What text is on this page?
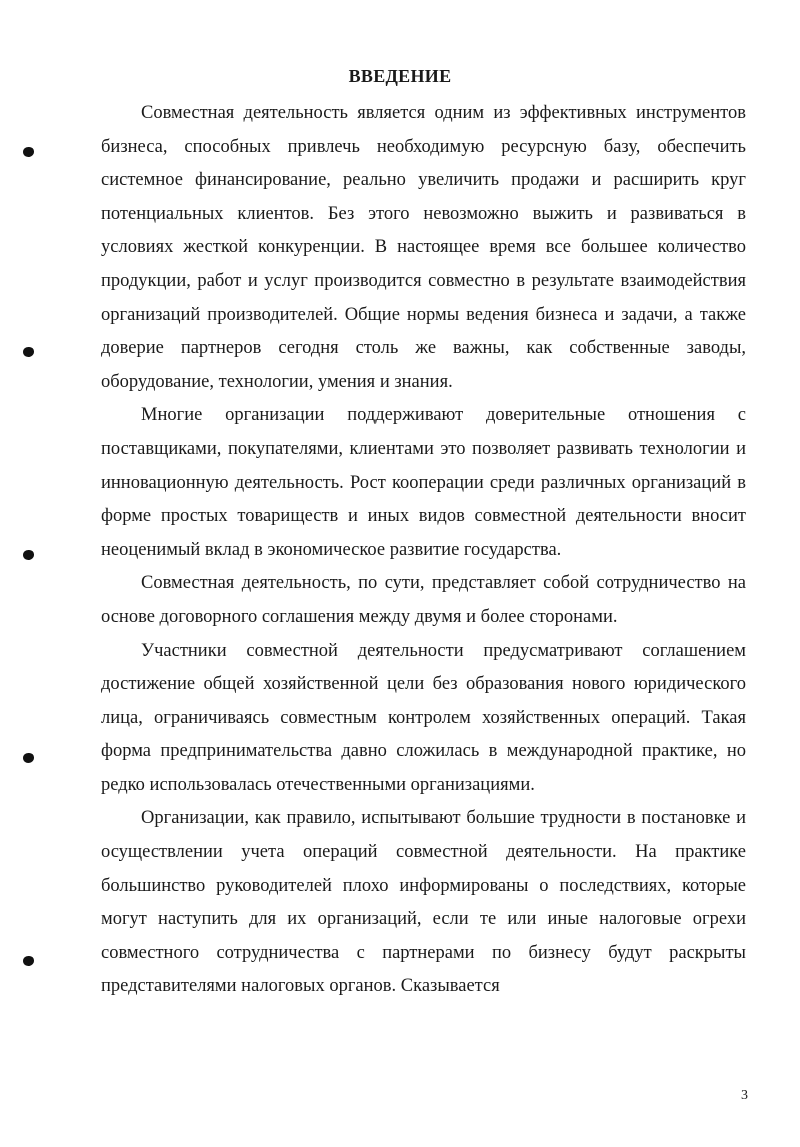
ВВЕДЕНИЕ

Совместная деятельность является одним из эффективных инструментов бизнеса, способных привлечь необходимую ресурсную базу, обеспечить системное финансирование, реально увеличить продажи и расширить круг потенциальных клиентов. Без этого невозможно выжить и развиваться в условиях жесткой конкуренции. В настоящее время все большее количество продукции, работ и услуг производится совместно в результате взаимодействия организаций производителей. Общие нормы ведения бизнеса и задачи, а также доверие партнеров сегодня столь же важны, как собственные заводы, оборудование, технологии, умения и знания.

Многие организации поддерживают доверительные отношения с поставщиками, покупателями, клиентами это позволяет развивать технологии и инновационную деятельность. Рост кооперации среди различных организаций в форме простых товариществ и иных видов совместной деятельности вносит неоценимый вклад в экономическое развитие государства.

Совместная деятельность, по сути, представляет собой сотрудничество на основе договорного соглашения между двумя и более сторонами.

Участники совместной деятельности предусматривают соглашением достижение общей хозяйственной цели без образования нового юридического лица, ограничиваясь совместным контролем хозяйственных операций. Такая форма предпринимательства давно сложилась в международной практике, но редко использовалась отечественными организациями.

Организации, как правило, испытывают большие трудности в постановке и осуществлении учета операций совместной деятельности. На практике большинство руководителей плохо информированы о последствиях, которые могут наступить для их организаций, если те или иные налоговые огрехи совместного сотрудничества с партнерами по бизнесу будут раскрыты представителями налоговых органов. Сказывается

3
